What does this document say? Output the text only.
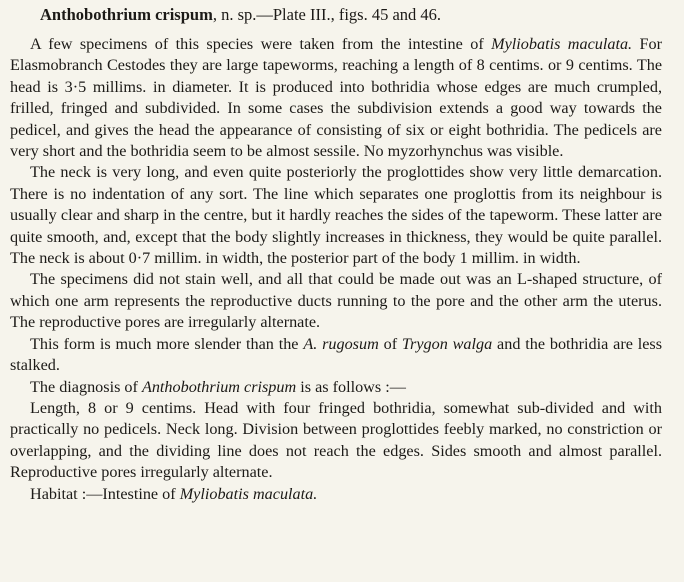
Anthobothrium crispum, n. sp.—Plate III., figs. 45 and 46.

A few specimens of this species were taken from the intestine of Myliobatis maculata. For Elasmobranch Cestodes they are large tapeworms, reaching a length of 8 centims. or 9 centims. The head is 3·5 millims. in diameter. It is produced into bothridia whose edges are much crumpled, frilled, fringed and subdivided. In some cases the subdivision extends a good way towards the pedicel, and gives the head the appearance of consisting of six or eight bothridia. The pedicels are very short and the bothridia seem to be almost sessile. No myzorhynchus was visible.

The neck is very long, and even quite posteriorly the proglottides show very little demarcation. There is no indentation of any sort. The line which separates one proglottis from its neighbour is usually clear and sharp in the centre, but it hardly reaches the sides of the tapeworm. These latter are quite smooth, and, except that the body slightly increases in thickness, they would be quite parallel. The neck is about 0·7 millim. in width, the posterior part of the body 1 millim. in width.

The specimens did not stain well, and all that could be made out was an L-shaped structure, of which one arm represents the reproductive ducts running to the pore and the other arm the uterus. The reproductive pores are irregularly alternate.

This form is much more slender than the A. rugosum of Trygon walga and the bothridia are less stalked.

The diagnosis of Anthobothrium crispum is as follows :—

Length, 8 or 9 centims. Head with four fringed bothridia, somewhat sub-divided and with practically no pedicels. Neck long. Division between proglottides feebly marked, no constriction or overlapping, and the dividing line does not reach the edges. Sides smooth and almost parallel. Reproductive pores irregularly alternate.

Habitat :—Intestine of Myliobatis maculata.
